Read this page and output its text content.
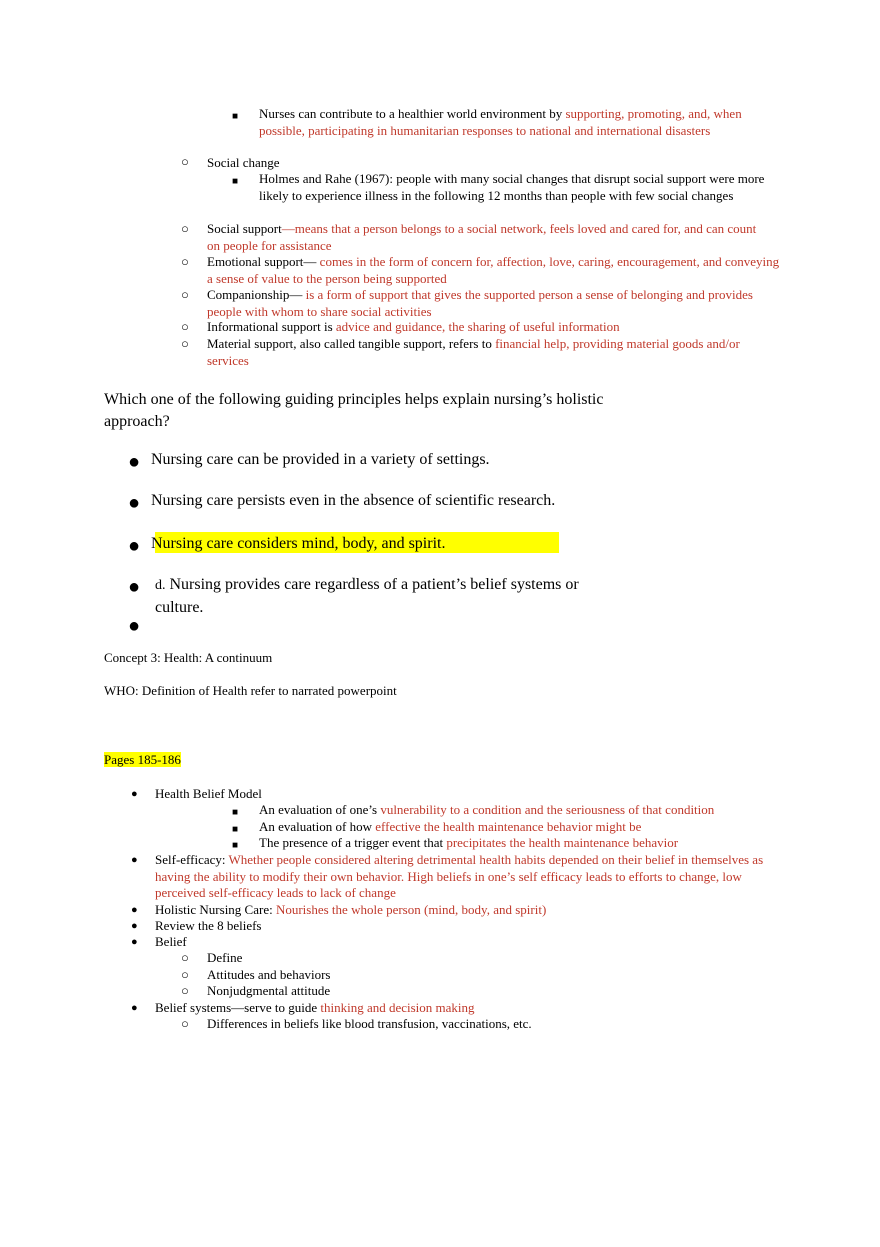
■
Nurses can contribute to a healthier world environment by supporting, promoting, and, when possible, participating in humanitarian responses to national and international disasters
○ Social change
■
Holmes and Rahe (1967): people with many social changes that disrupt social support were more likely to experience illness in the following 12 months than people with few social changes
○ Social support—means that a person belongs to a social network, feels loved and cared for, and can count on people for assistance
○ Emotional support— comes in the form of concern for, affection, love, caring, encouragement, and conveying a sense of value to the person being supported
○ Companionship— is a form of support that gives the supported person a sense of belonging and provides people with whom to share social activities
○ Informational support is advice and guidance, the sharing of useful information
○ Material support, also called tangible support, refers to financial help, providing material goods and/or services
Which one of the following guiding principles helps explain nursing’s holistic approach?
● Nursing care can be provided in a variety of settings.
● Nursing care persists even in the absence of scientific research.
● Nursing care considers mind, body, and spirit.
● d. Nursing provides care regardless of a patient’s belief systems or culture.
●
Concept 3: Health: A continuum
WHO: Definition of Health refer to narrated powerpoint
Pages 185-186
● Health Belief Model
■
An evaluation of one’s vulnerability to a condition and the seriousness of that condition
■
An evaluation of how effective the health maintenance behavior might be
■
The presence of a trigger event that precipitates the health maintenance behavior
● Self-efficacy: Whether people considered altering detrimental health habits depended on their belief in themselves as having the ability to modify their own behavior. High beliefs in one’s self efficacy leads to efforts to change, low perceived self-efficacy leads to lack of change
● Holistic Nursing Care: Nourishes the whole person (mind, body, and spirit)
● Review the 8 beliefs
● Belief
○ Define
○ Attitudes and behaviors
○ Nonjudgmental attitude
● Belief systems—serve to guide thinking and decision making
○ Differences in beliefs like blood transfusion, vaccinations, etc.
